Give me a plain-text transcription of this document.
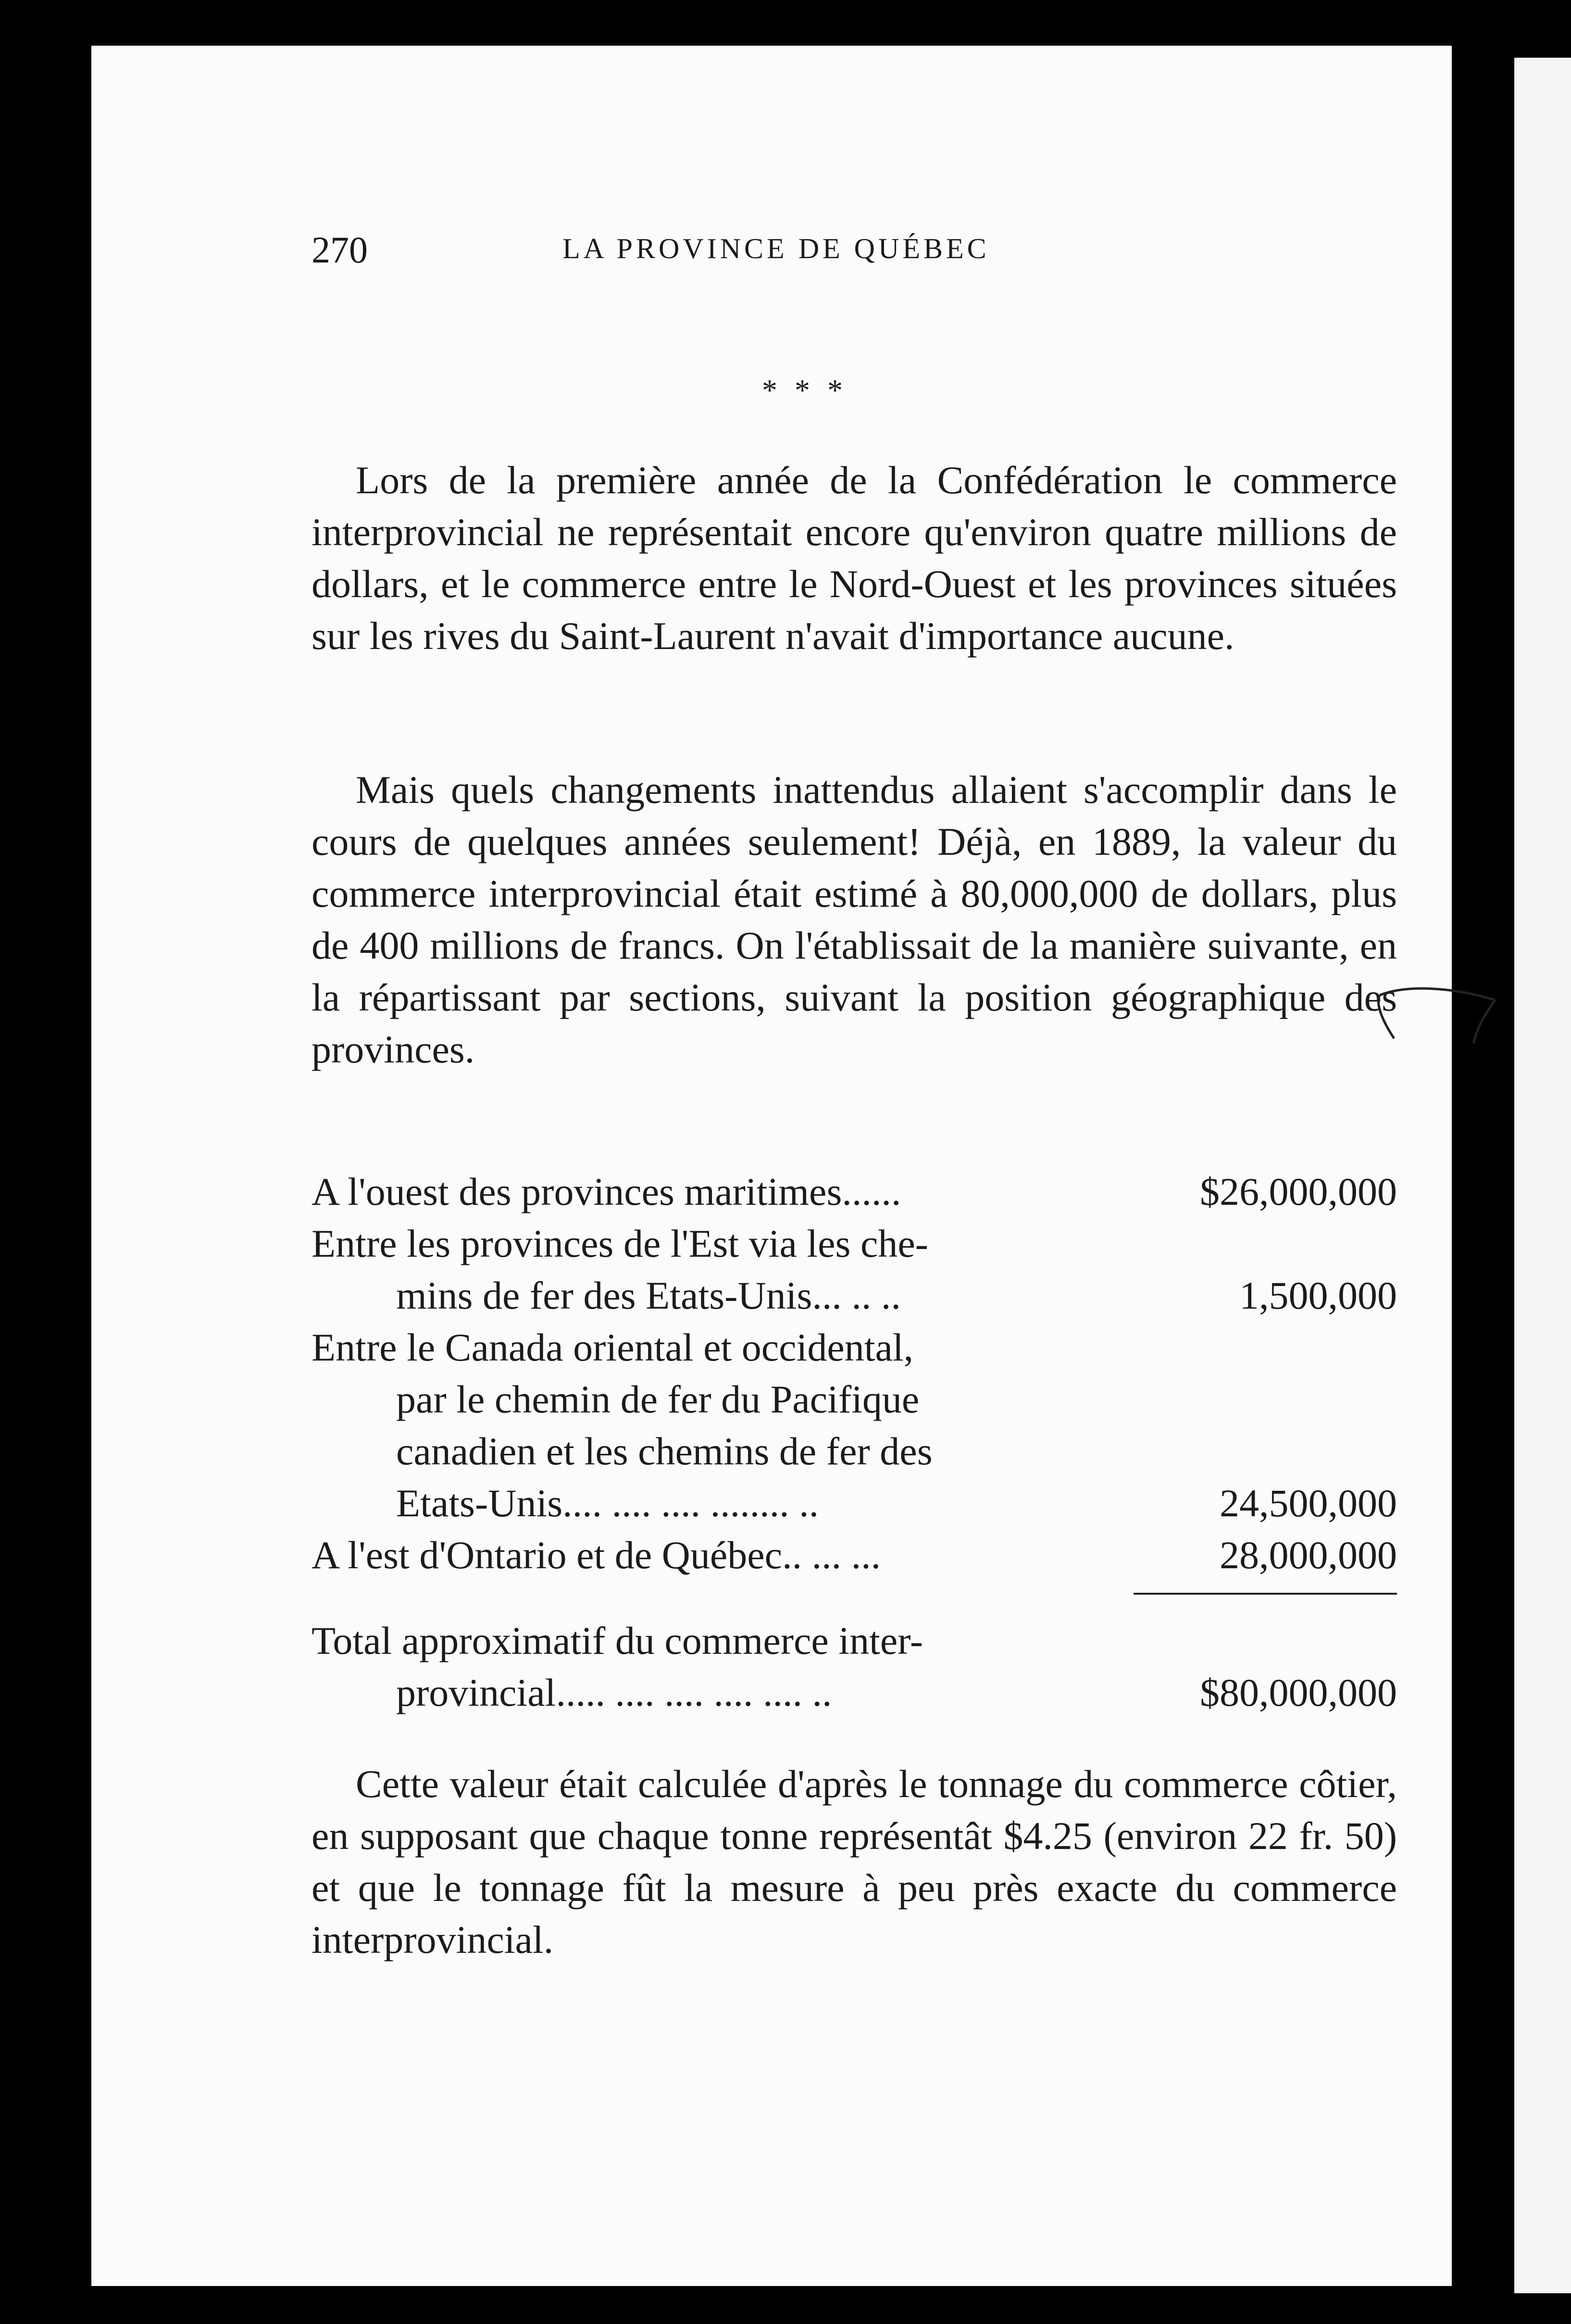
270	LA PROVINCE DE QUÉBEC
* * *

Lors de la première année de la Confédération le commerce interprovincial ne représentait encore qu'environ quatre millions de dollars, et le commerce entre le Nord-Ouest et les provinces situées sur les rives du Saint-Laurent n'avait d'importance aucune.

Mais quels changements inattendus allaient s'accomplir dans le cours de quelques années seulement! Déjà, en 1889, la valeur du commerce interprovincial était estimé à 80,000,000 de dollars, plus de 400 millions de francs. On l'établissait de la manière suivante, en la répartissant par sections, suivant la position géographique des provinces.

A l'ouest des provinces maritimes......	$26,000,000
Entre les provinces de l'Est via les che-
mins de fer des Etats-Unis... .. ..	1,500,000
Entre le Canada oriental et occidental,
par le chemin de fer du Pacifique
canadien et les chemins de fer des
Etats-Unis.... .... .... ........ ..	24,500,000
A l'est d'Ontario et de Québec.. ... ...	28,000,000
Total approximatif du commerce inter-
provincial..... .... .... .... .... ..	$80,000,000

Cette valeur était calculée d'après le tonnage du commerce côtier, en supposant que chaque tonne représentât $4.25 (environ 22 fr. 50) et que le tonnage fût la mesure à peu près exacte du commerce interprovincial.
